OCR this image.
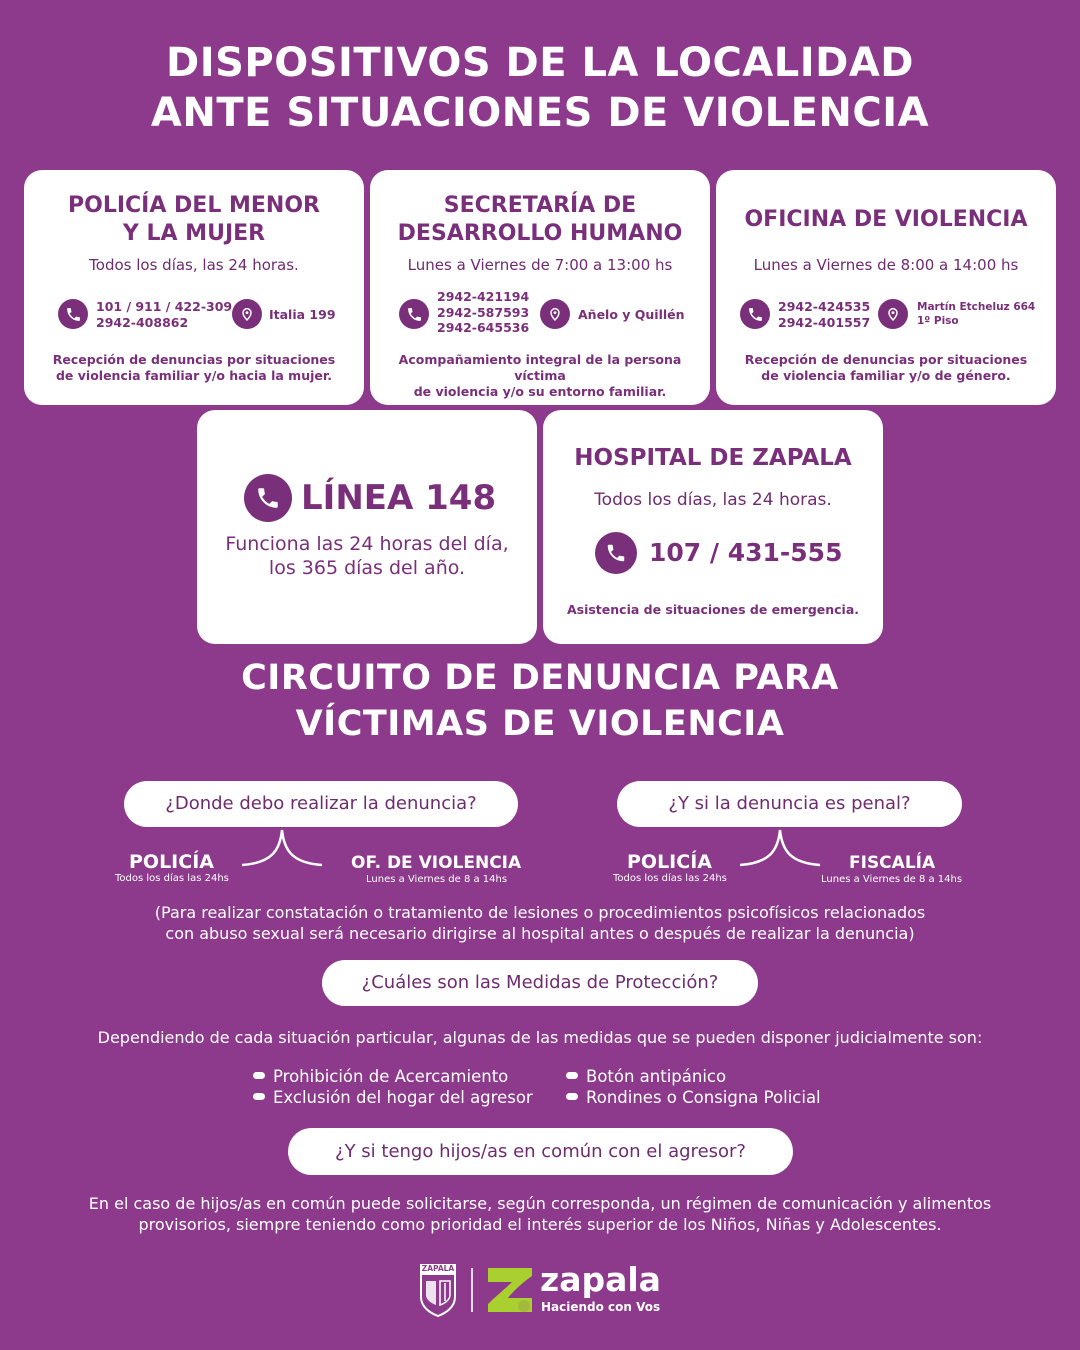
DISPOSITIVOS DE LA LOCALIDAD
ANTE SITUACIONES DE VIOLENCIA
POLICÍA DEL MENOR
Y LA MUJER
Todos los días, las 24 horas.
101 / 911 / 422-309
2942-408862	Italia 199
Recepción de denuncias por situaciones
de violencia familiar y/o hacia la mujer.
SECRETARÍA DE
DESARROLLO HUMANO
Lunes a Viernes de 7:00 a 13:00 hs
2942-421194
2942-587593
2942-645536
Añelo y Quillén
Acompañamiento integral de la persona víctima
de violencia y/o su entorno familiar.
OFICINA DE VIOLENCIA
Lunes a Viernes de 8:00 a 14:00 hs
2942-424535
2942-401557
Martín Etcheluz 664
1º Piso
Recepción de denuncias por situaciones
de violencia familiar y/o de género.
LÍNEA 148
Funciona las 24 horas del día,
los 365 días del año.
HOSPITAL DE ZAPALA
Todos los días, las 24 horas.
107 / 431-555
Asistencia de situaciones de emergencia.
CIRCUITO DE DENUNCIA PARA
VÍCTIMAS DE VIOLENCIA
¿Donde debo realizar la denuncia?
POLICÍA
Todos los días las 24hs
OF. DE VIOLENCIA
Lunes a Viernes de 8 a 14hs
¿Y si la denuncia es penal?
POLICÍA
Todos los días las 24hs
FISCALÍA
Lunes a Viernes de 8 a 14hs
(Para realizar constatación o tratamiento de lesiones o procedimientos psicofísicos relacionados
con abuso sexual será necesario dirigirse al hospital antes o después de realizar la denuncia)
¿Cuáles son las Medidas de Protección?
Dependiendo de cada situación particular, algunas de las medidas que se pueden disponer judicialmente son:
Prohibición de Acercamiento
Exclusión del hogar del agresor
Botón antipánico
Rondines o Consigna Policial
¿Y si tengo hijos/as en común con el agresor?
En el caso de hijos/as en común puede solicitarse, según corresponda, un régimen de comunicación y alimentos
provisorios, siempre teniendo como prioridad el interés superior de los Niños, Niñas y Adolescentes.
ZAPALA	zapala
Haciendo con Vos
